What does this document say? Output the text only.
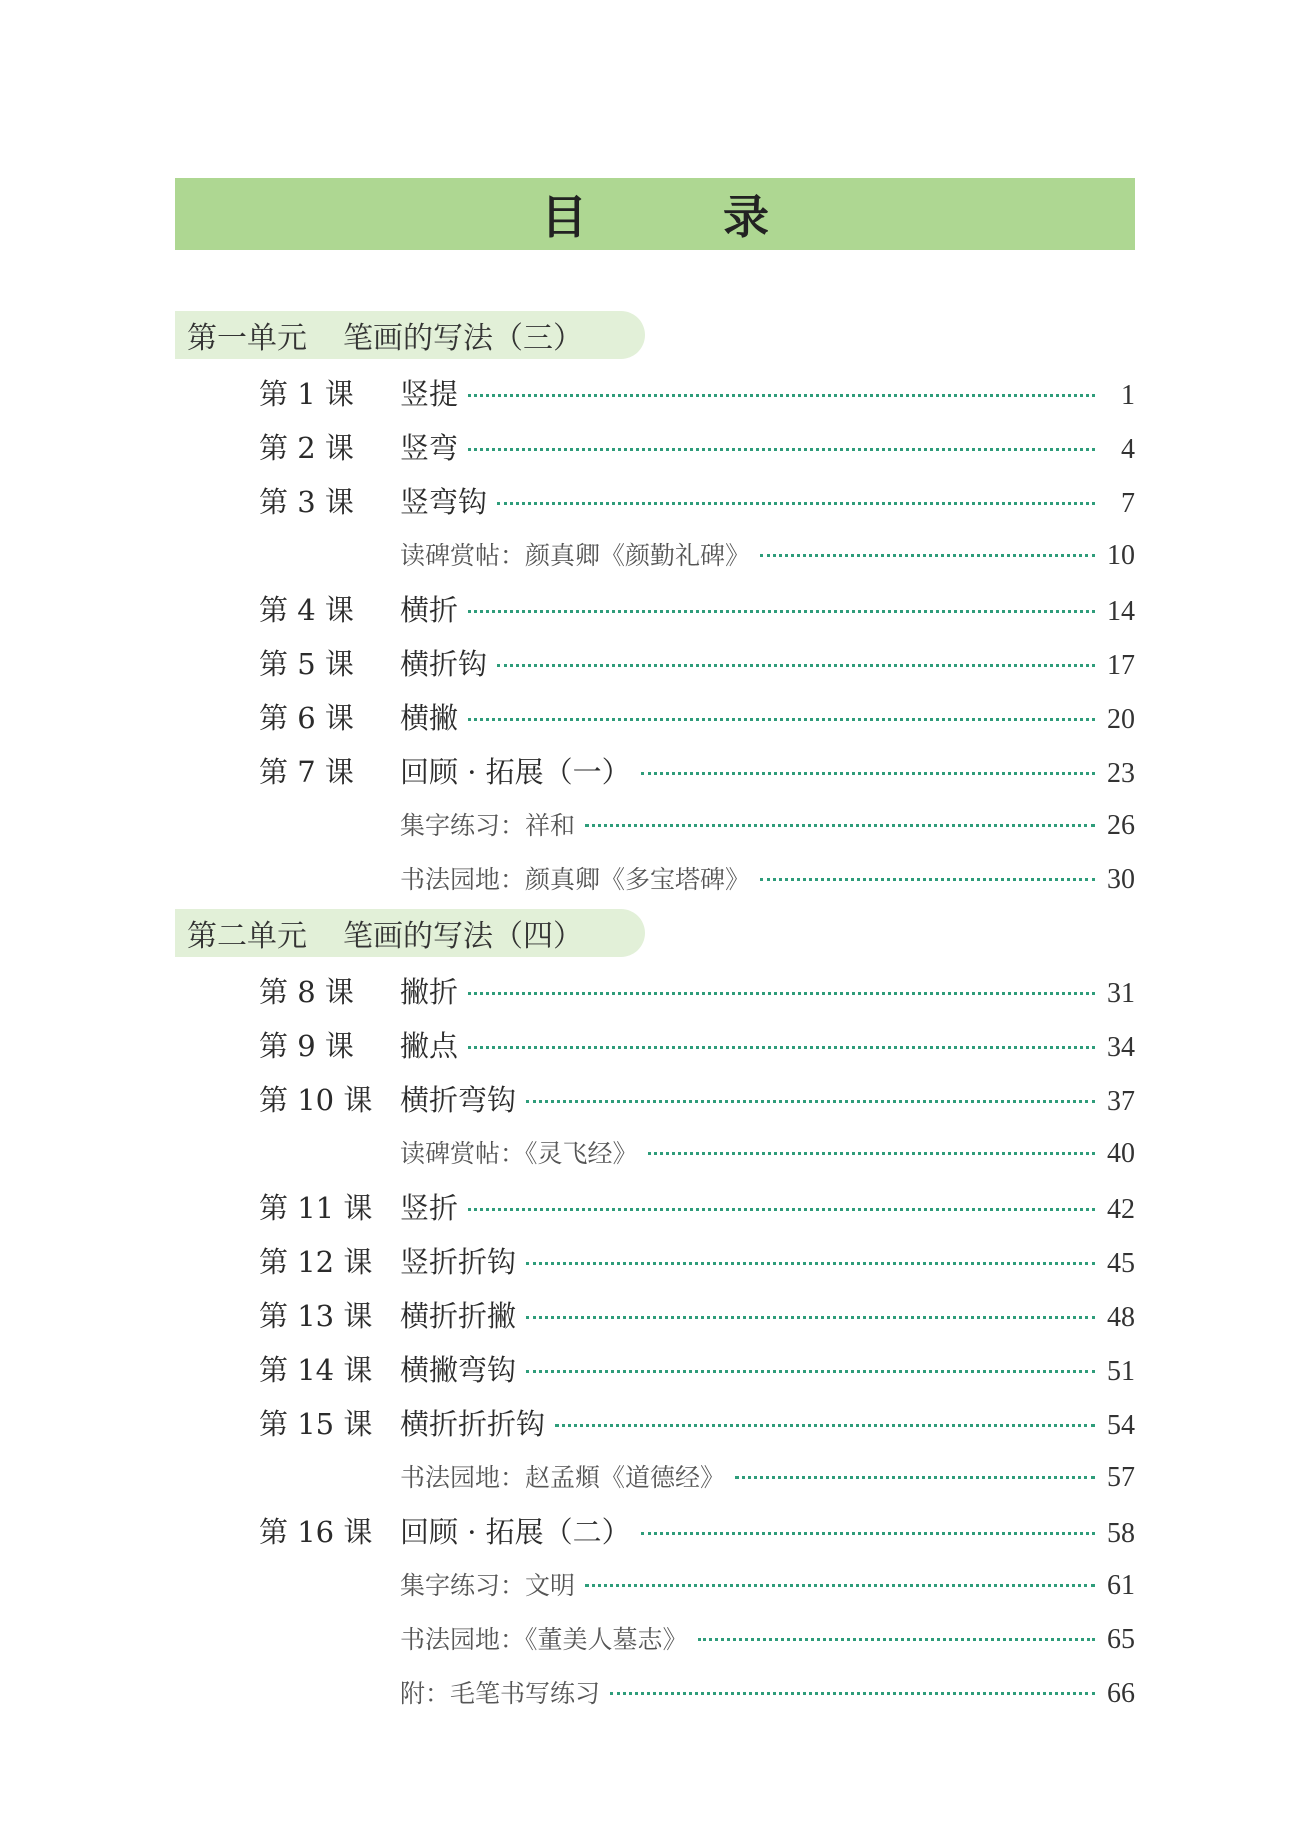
目 录
第一单元 笔画的写法（三）
第 1 课 竖提	1
第 2 课 竖弯	4
第 3 课 竖弯钩	7
读碑赏帖：颜真卿《颜勤礼碑》	10
第 4 课 横折	14
第 5 课 横折钩	17
第 6 课 横撇	20
第 7 课 回顾 · 拓展（一）	23
集字练习：祥和	26
书法园地：颜真卿《多宝塔碑》	30
第二单元 笔画的写法（四）
第 8 课 撇折	31
第 9 课 撇点	34
第 10 课 横折弯钩	37
读碑赏帖：《灵飞经》	40
第 11 课 竖折	42
第 12 课 竖折折钩	45
第 13 课 横折折撇	48
第 14 课 横撇弯钩	51
第 15 课 横折折折钩	54
书法园地：赵孟頫《道德经》	57
第 16 课 回顾 · 拓展（二）	58
集字练习：文明	61
书法园地：《董美人墓志》	65
附：毛笔书写练习	66
